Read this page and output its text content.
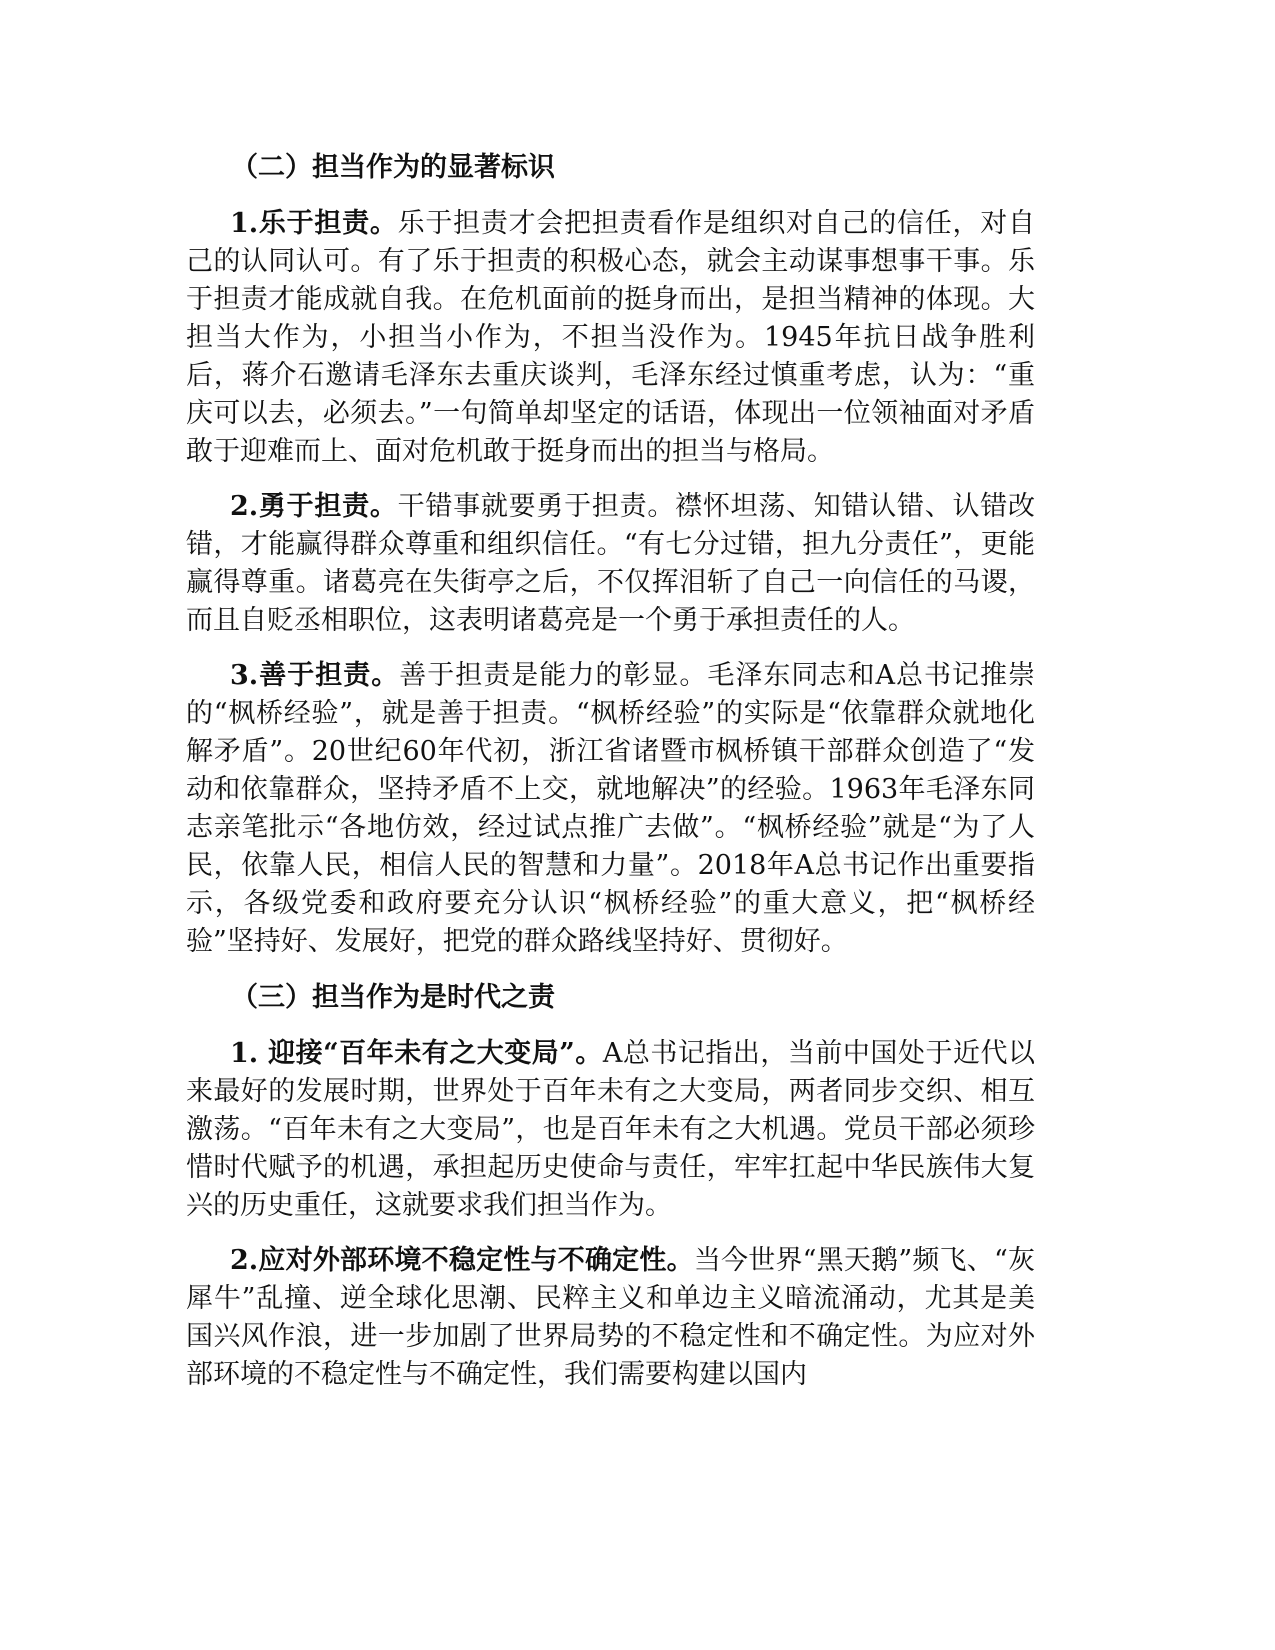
（二）担当作为的显著标识

1.乐于担责。乐于担责才会把担责看作是组织对自己的信任，对自己的认同认可。有了乐于担责的积极心态，就会主动谋事想事干事。乐于担责才能成就自我。在危机面前的挺身而出，是担当精神的体现。大担当大作为，小担当小作为，不担当没作为。1945年抗日战争胜利后，蒋介石邀请毛泽东去重庆谈判，毛泽东经过慎重考虑，认为：“重庆可以去，必须去。”一句简单却坚定的话语，体现出一位领袖面对矛盾敢于迎难而上、面对危机敢于挺身而出的担当与格局。

2.勇于担责。干错事就要勇于担责。襟怀坦荡、知错认错、认错改错，才能赢得群众尊重和组织信任。“有七分过错，担九分责任”，更能赢得尊重。诸葛亮在失街亭之后，不仅挥泪斩了自己一向信任的马谡，而且自贬丞相职位，这表明诸葛亮是一个勇于承担责任的人。

3.善于担责。善于担责是能力的彰显。毛泽东同志和A总书记推崇的“枫桥经验”，就是善于担责。“枫桥经验”的实际是“依靠群众就地化解矛盾”。20世纪60年代初，浙江省诸暨市枫桥镇干部群众创造了“发动和依靠群众，坚持矛盾不上交，就地解决”的经验。1963年毛泽东同志亲笔批示“各地仿效，经过试点推广去做”。“枫桥经验”就是“为了人民，依靠人民，相信人民的智慧和力量”。2018年A总书记作出重要指示，各级党委和政府要充分认识“枫桥经验”的重大意义，把“枫桥经验”坚持好、发展好，把党的群众路线坚持好、贯彻好。

（三）担当作为是时代之责

1. 迎接“百年未有之大变局”。A总书记指出，当前中国处于近代以来最好的发展时期，世界处于百年未有之大变局，两者同步交织、相互激荡。“百年未有之大变局”，也是百年未有之大机遇。党员干部必须珍惜时代赋予的机遇，承担起历史使命与责任，牢牢扛起中华民族伟大复兴的历史重任，这就要求我们担当作为。

2.应对外部环境不稳定性与不确定性。当今世界“黑天鹅”频飞、“灰犀牛”乱撞、逆全球化思潮、民粹主义和单边主义暗流涌动，尤其是美国兴风作浪，进一步加剧了世界局势的不稳定性和不确定性。为应对外部环境的不稳定性与不确定性，我们需要构建以国内
